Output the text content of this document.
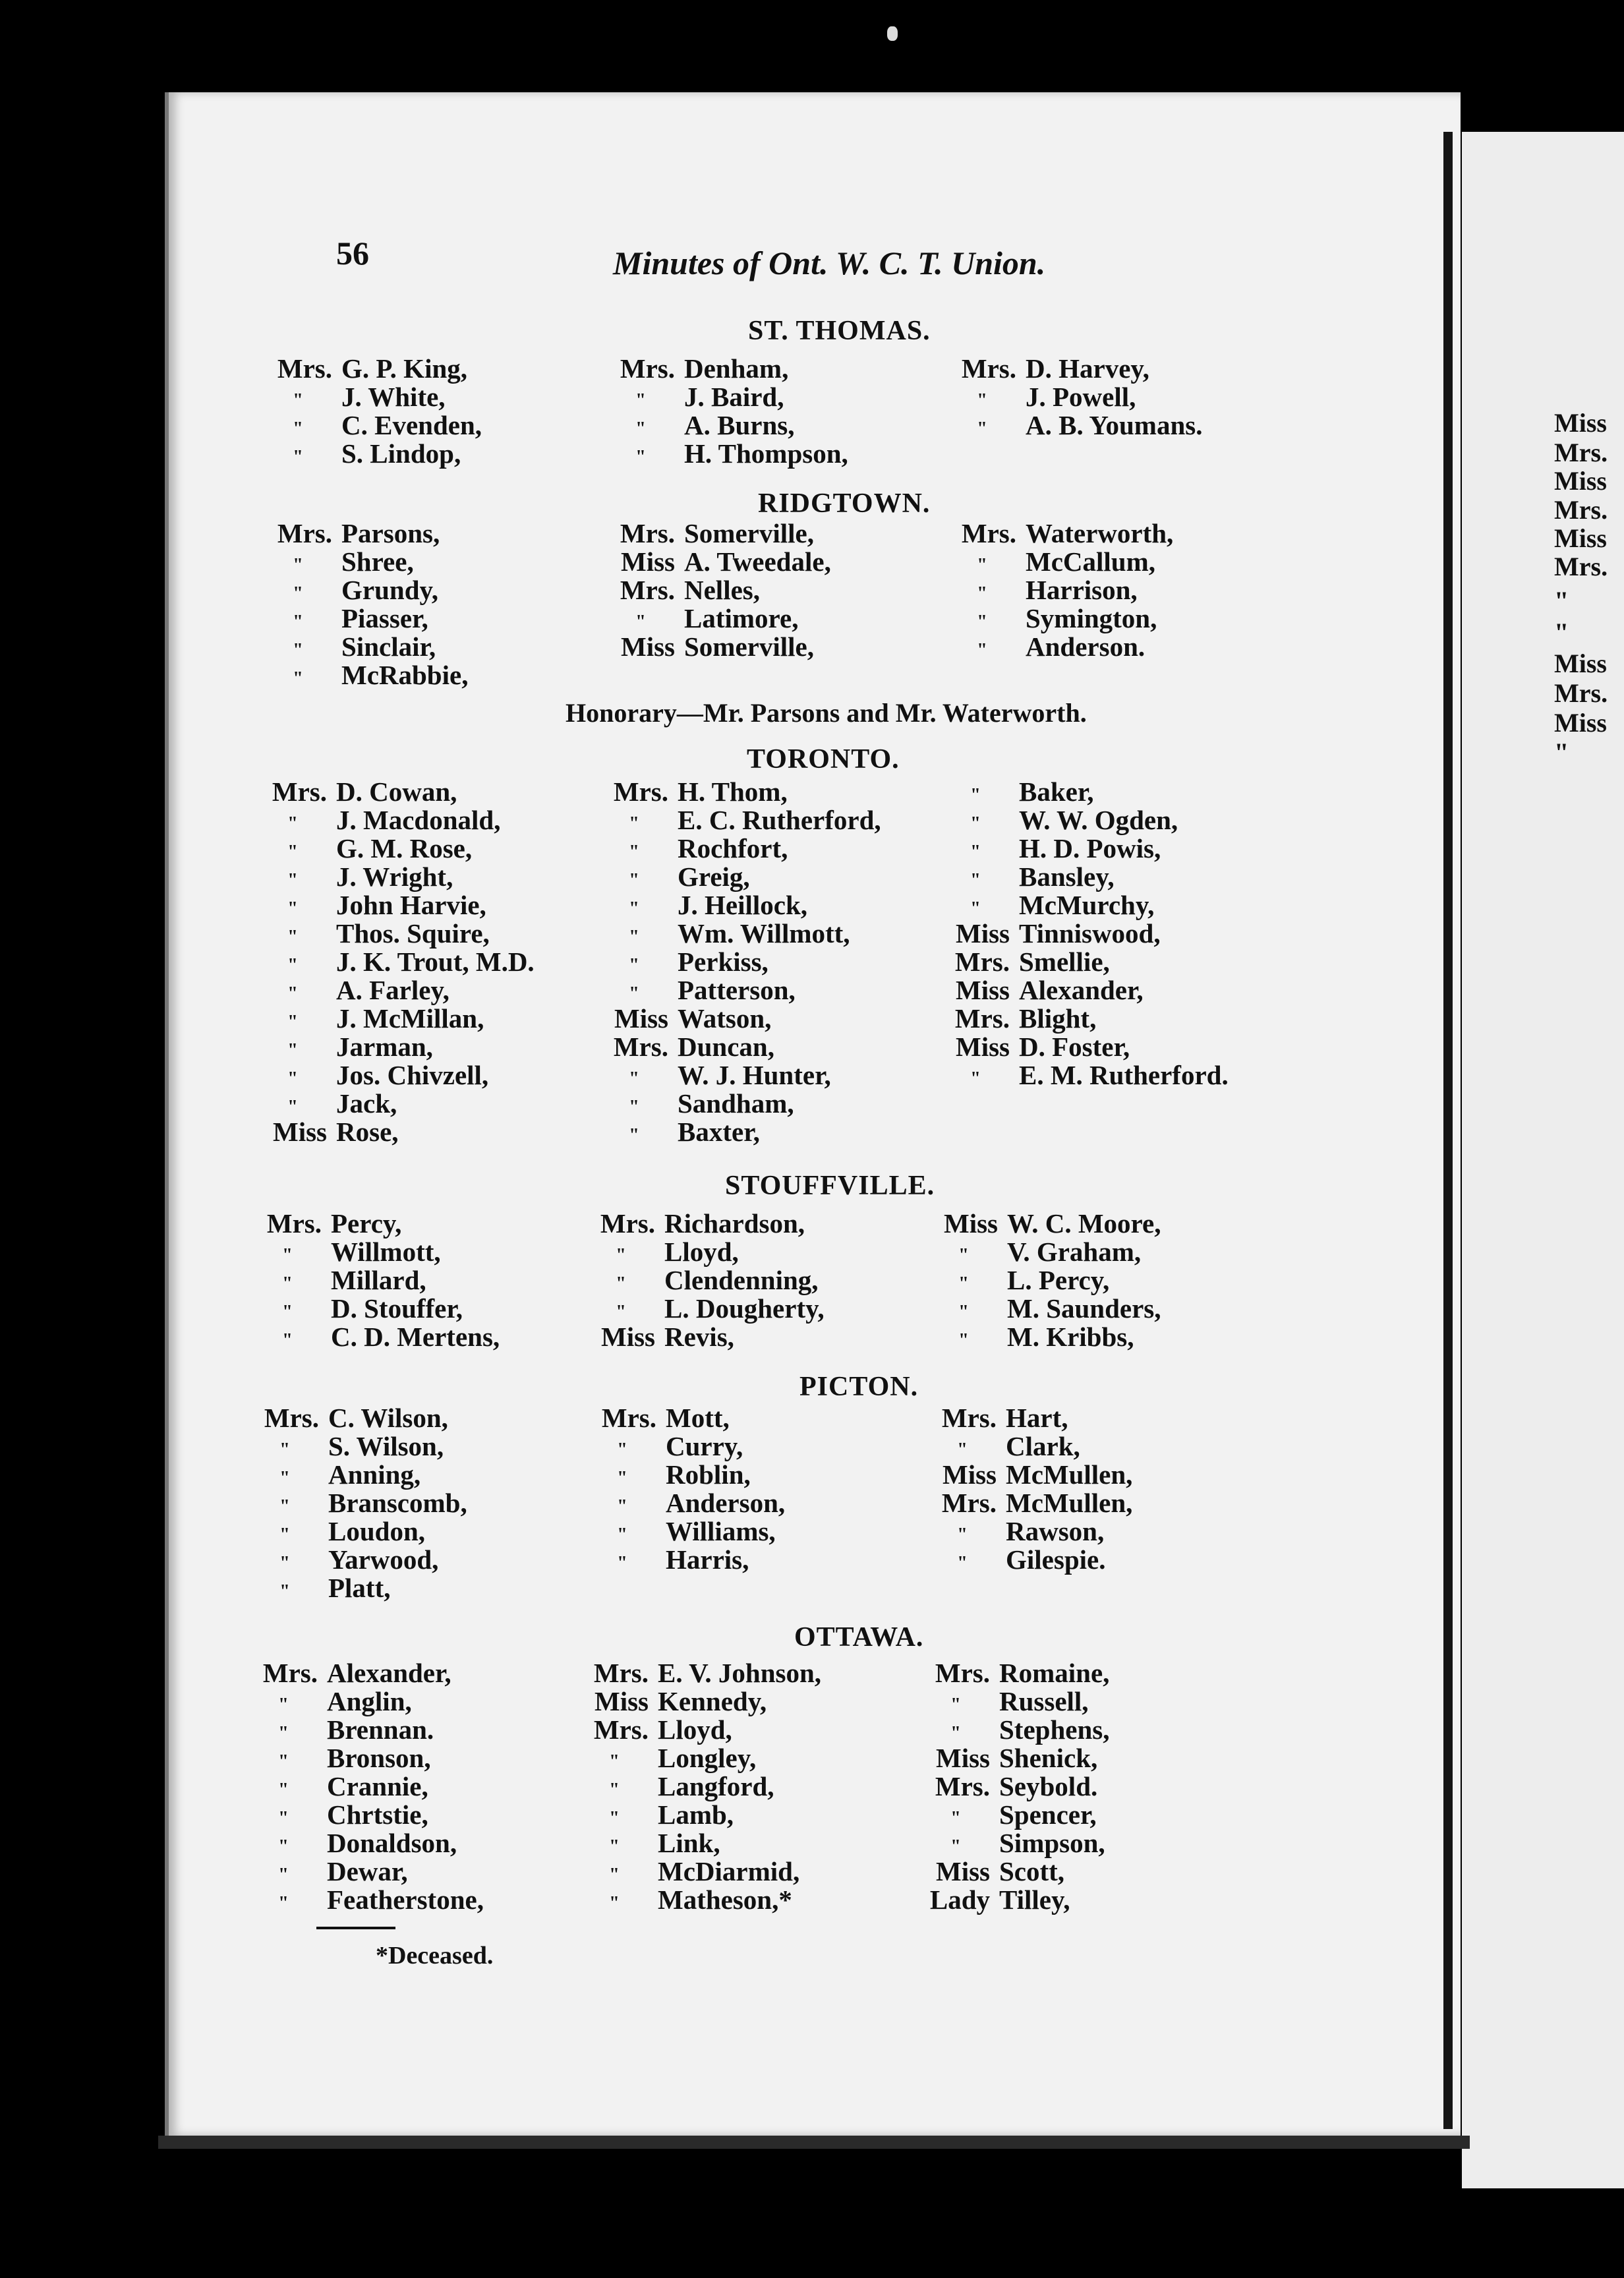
Miss
Mrs.
Miss
Mrs.
Miss
Mrs.
"
"
Miss
Mrs.
Miss
"
56	Minutes of Ont. W. C. T. Union.
ST. THOMAS.
Mrs. G. P. King,
" J. White,
" C. Evenden,
" S. Lindop,
Mrs. Denham,
" J. Baird,
" A. Burns,
" H. Thompson,
Mrs. D. Harvey,
" J. Powell,
" A. B. Youmans.
RIDGTOWN.
Mrs. Parsons,
" Shree,
" Grundy,
" Piasser,
" Sinclair,
" McRabbie,
Mrs. Somerville,
Miss A. Tweedale,
Mrs. Nelles,
" Latimore,
Miss Somerville,
Mrs. Waterworth,
" McCallum,
" Harrison,
" Symington,
" Anderson.
Honorary—Mr. Parsons and Mr. Waterworth.
TORONTO.
Mrs. D. Cowan,
" J. Macdonald,
" G. M. Rose,
" J. Wright,
" John Harvie,
" Thos. Squire,
" J. K. Trout, M.D.
" A. Farley,
" J. McMillan,
" Jarman,
" Jos. Chivzell,
" Jack,
Miss Rose,
Mrs. H. Thom,
" E. C. Rutherford,
" Rochfort,
" Greig,
" J. Heillock,
" Wm. Willmott,
" Perkiss,
" Patterson,
Miss Watson,
Mrs. Duncan,
" W. J. Hunter,
" Sandham,
" Baxter,
" Baker,
" W. W. Ogden,
" H. D. Powis,
" Bansley,
" McMurchy,
Miss Tinniswood,
Mrs. Smellie,
Miss Alexander,
Mrs. Blight,
Miss D. Foster,
" E. M. Rutherford.
STOUFFVILLE.
Mrs. Percy,
" Willmott,
" Millard,
" D. Stouffer,
" C. D. Mertens,
Mrs. Richardson,
" Lloyd,
" Clendenning,
" L. Dougherty,
Miss Revis,
Miss W. C. Moore,
" V. Graham,
" L. Percy,
" M. Saunders,
" M. Kribbs,
PICTON.
Mrs. C. Wilson,
" S. Wilson,
" Anning,
" Branscomb,
" Loudon,
" Yarwood,
" Platt,
Mrs. Mott,
" Curry,
" Roblin,
" Anderson,
" Williams,
" Harris,
Mrs. Hart,
" Clark,
Miss McMullen,
Mrs. McMullen,
" Rawson,
" Gilespie.
OTTAWA.
Mrs. Alexander,
" Anglin,
" Brennan.
" Bronson,
" Crannie,
" Chrtstie,
" Donaldson,
" Dewar,
" Featherstone,
Mrs. E. V. Johnson,
Miss Kennedy,
Mrs. Lloyd,
" Longley,
" Langford,
" Lamb,
" Link,
" McDiarmid,
" Matheson,*
Mrs. Romaine,
" Russell,
" Stephens,
Miss Shenick,
Mrs. Seybold.
" Spencer,
" Simpson,
Miss Scott,
Lady Tilley,
*Deceased.
